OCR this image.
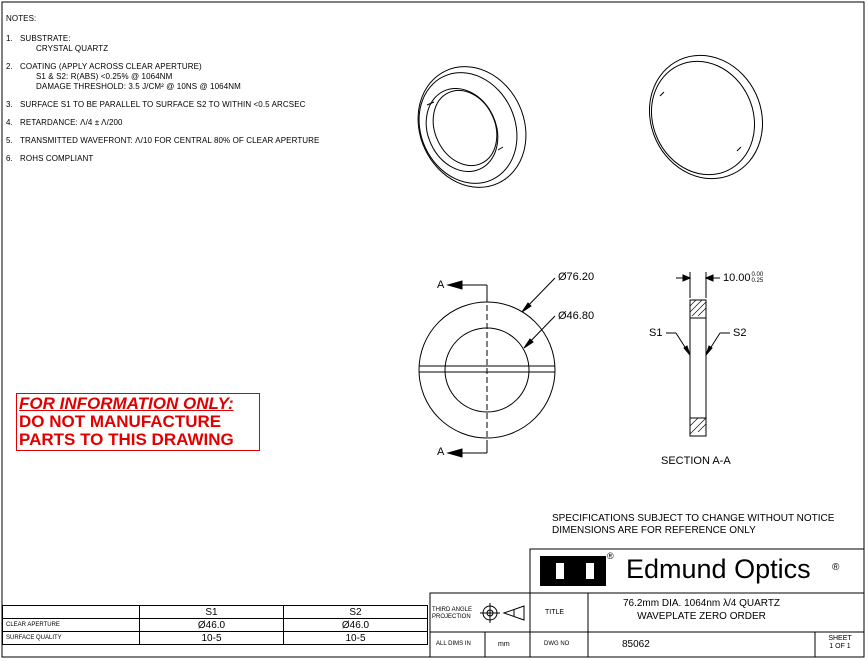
NOTES:
1. SUBSTRATE:
CRYSTAL QUARTZ
2. COATING (APPLY ACROSS CLEAR APERTURE)
S1 & S2: R(ABS) <0.25% @ 1064NM
DAMAGE THRESHOLD: 3.5 J/CM² @ 10NS @ 1064NM
3. SURFACE S1 TO BE PARALLEL TO SURFACE S2 TO WITHIN <0.5 ARCSEC
4. RETARDANCE: Λ/4 ± Λ/200
5. TRANSMITTED WAVEFRONT: Λ/10 FOR CENTRAL 80% OF CLEAR APERTURE
6. ROHS COMPLIANT
FOR INFORMATION ONLY:
DO NOT MANUFACTURE
PARTS TO THIS DRAWING
A
A
Ø76.20
Ø46.80
10.00 0.00
0.25
S1	S2
SECTION A-A
SPECIFICATIONS SUBJECT TO CHANGE WITHOUT NOTICE
DIMENSIONS ARE FOR REFERENCE ONLY
Edmund Optics ®
®
THIRD ANGLE
PROJECTION
TITLE
76.2mm DIA. 1064nm λ/4 QUARTZ
WAVEPLATE ZERO ORDER
ALL DIMS IN	mm	DWG NO	85062
SHEET
1 OF 1
	S1	S2
CLEAR APERTURE	Ø46.0	Ø46.0
SURFACE QUALITY	10-5	10-5
